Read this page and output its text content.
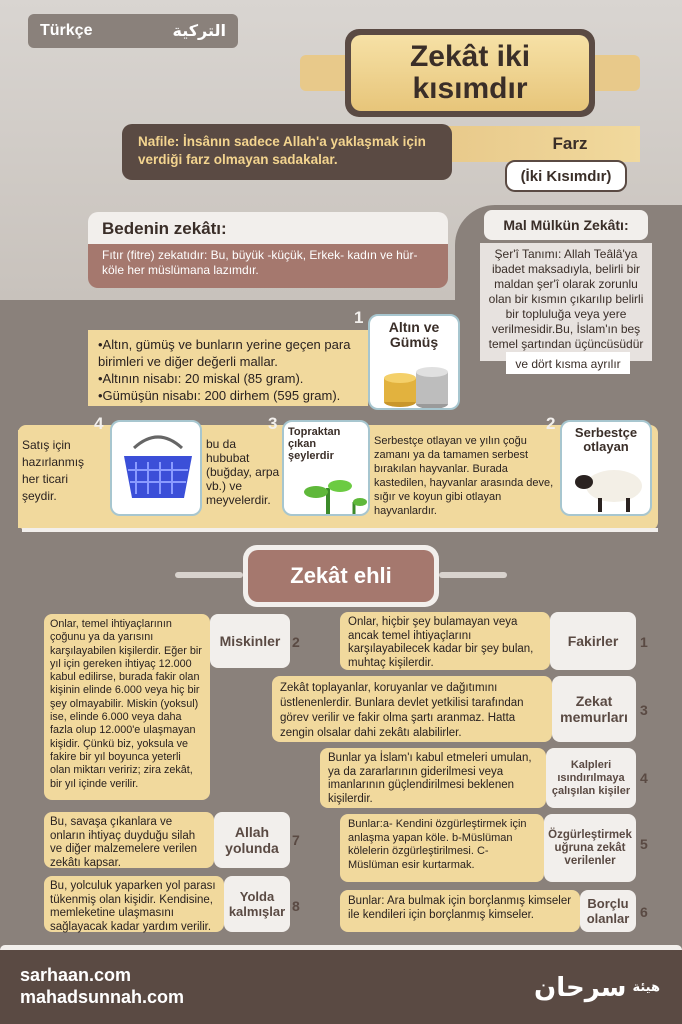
Türkçe	التركية
Zekât iki
kısımdır
Farz
Nafile: İnsânın sadece Allah'a yaklaşmak için verdiği farz olmayan sadakalar.
(İki Kısımdır)
Bedenin zekâtı:
Fıtır (fitre) zekatıdır: Bu, büyük -küçük, Erkek- kadın ve hür- köle her müslümana lazımdır.
Mal Mülkün Zekâtı:
Şer'î Tanımı: Allah Teâlâ'ya ibadet maksadıyla, belirli bir maldan şer'î olarak zorunlu olan bir kısmın çıkarılıp belirli bir topluluğa veya yere verilmesidir.Bu, İslam'ın beş temel şartından üçüncüsüdür
ve dört kısma ayrılır
•Altın, gümüş ve bunların yerine geçen para birimleri ve diğer değerli mallar.
•Altının nisabı: 20 miskal (85 gram).
•Gümüşün nisabı: 200 dirhem (595 gram).
1	Altın ve Gümüş
Satış için hazırlanmış her ticari şeydir.
4
bu da hububat (buğday, arpa vb.) ve meyvelerdir.
3 Topraktan çıkan şeylerdir
Serbestçe otlayan ve yılın çoğu zamanı ya da tamamen serbest bırakılan hayvanlar. Burada kastedilen, hayvanlar arasında deve, sığır ve koyun gibi otlayan hayvanlardır.
2	Serbestçe otlayan
Zekât ehli
Onlar, temel ihtiyaçlarının çoğunu ya da yarısını karşılayabilen kişilerdir. Eğer bir yıl için gereken ihtiyaç 12.000 kabul edilirse, burada fakir olan kişinin elinde 6.000 veya hiç bir şey olmayabilir. Miskin (yoksul) ise, elinde 6.000 veya daha fazla olup 12.000'e ulaşmayan kişidir. Çünkü biz, yoksula ve fakire bir yıl boyunca yeterli olan miktarı veririz; zira zekât, bir yıl içinde verilir.
Miskinler 2
Bu, savaşa çıkanlara ve onların ihtiyaç duyduğu silah ve diğer malzemelere verilen zekâtı kapsar.
Allah yolunda 7
Bu, yolculuk yaparken yol parası tükenmiş olan kişidir. Kendisine, memleketine ulaşmasını sağlayacak kadar yardım verilir.
Yolda kalmışlar 8
Onlar, hiçbir şey bulamayan veya ancak temel ihtiyaçlarını karşılayabilecek kadar bir şey bulan, muhtaç kişilerdir.
Fakirler	1
Zekât toplayanlar, koruyanlar ve dağıtımını üstlenenlerdir. Bunlara devlet yetkilisi tarafından görev verilir ve fakir olma şartı aranmaz. Hatta zengin olsalar dahi zekâtı alabilirler.
Zekat memurları 3
Bunlar ya İslam'ı kabul etmeleri umulan, ya da zararlarının giderilmesi veya imanlarının güçlendirilmesi beklenen kişilerdir.
Kalpleri ısındırılmaya çalışılan kişiler
4
Bunlar:a- Kendini özgürleştirmek için anlaşma yapan köle. b-Müslüman kölelerin özgürleştirilmesi. C-Müslüman esir kurtarmak.
Özgürleştirmek uğruna zekât verilenler
5
Bunlar: Ara bulmak için borçlanmış kimseler ile kendileri için borçlanmış kimseler.
Borçlu olanlar 6
sarhaan.com
mahadsunnah.com	سرحان هيئة
